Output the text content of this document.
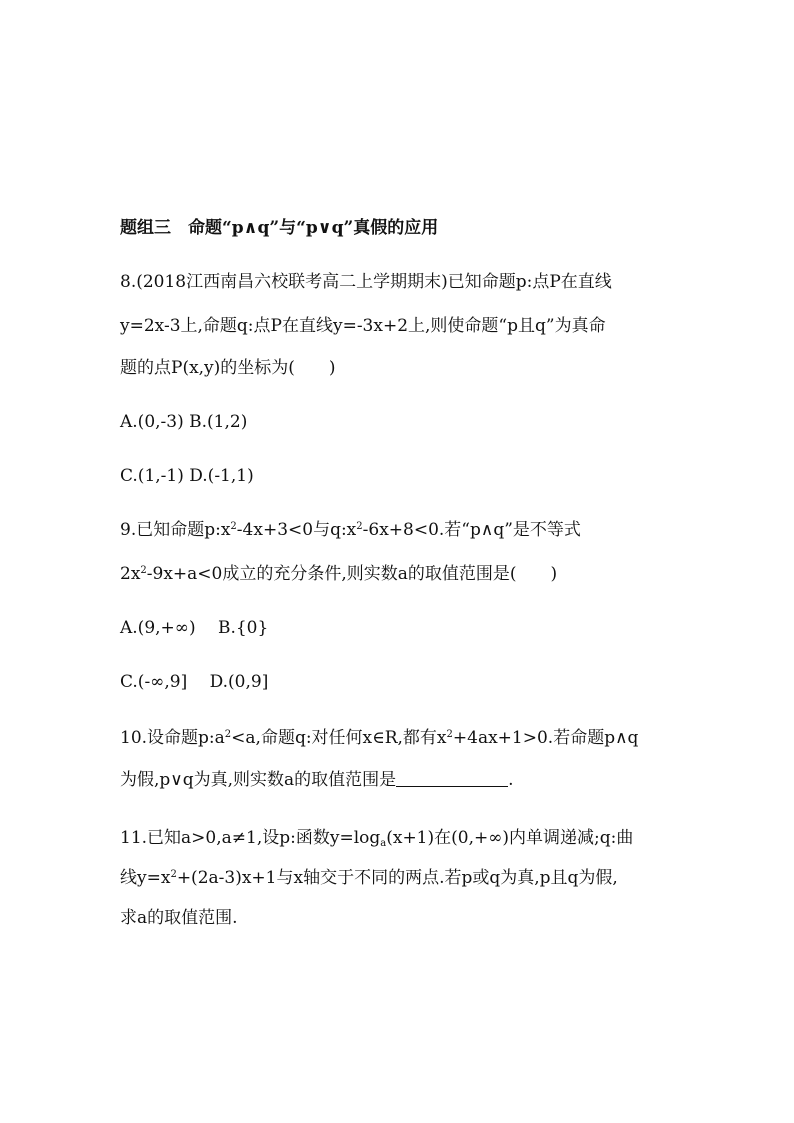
题组三　命题“p∧q”与“p∨q”真假的应用
8.(2018江西南昌六校联考高二上学期期末)已知命题p:点P在直线
y=2x-3上,命题q:点P在直线y=-3x+2上,则使命题“p且q”为真命
题的点P(x,y)的坐标为(　　)
A.(0,-3) B.(1,2)
C.(1,-1) D.(-1,1)
9.已知命题$p:x^2-4x+3<0$与$q:x^2-6x+8<0$.若“p∧q”是不等式
$2x^2-9x+a<0$成立的充分条件,则实数a的取值范围是(　　)
A.(9,+∞)　 B.{0}
C.(-∞,9]　 D.(0,9]
10.设命题$p:a^2<a$,命题q:对任何x∈R,都有$x^2+4ax+1>0$.若命题p∧q
为假,p∨q为真,则实数a的取值范围是	.
11.已知a>0,a≠1,设p:函数$y=\log_a(x+1)$在(0,+∞)内单调递减;q:曲
线$y=x^2+(2a-3)x+1$与x轴交于不同的两点.若p或q为真,p且q为假,
求a的取值范围.
